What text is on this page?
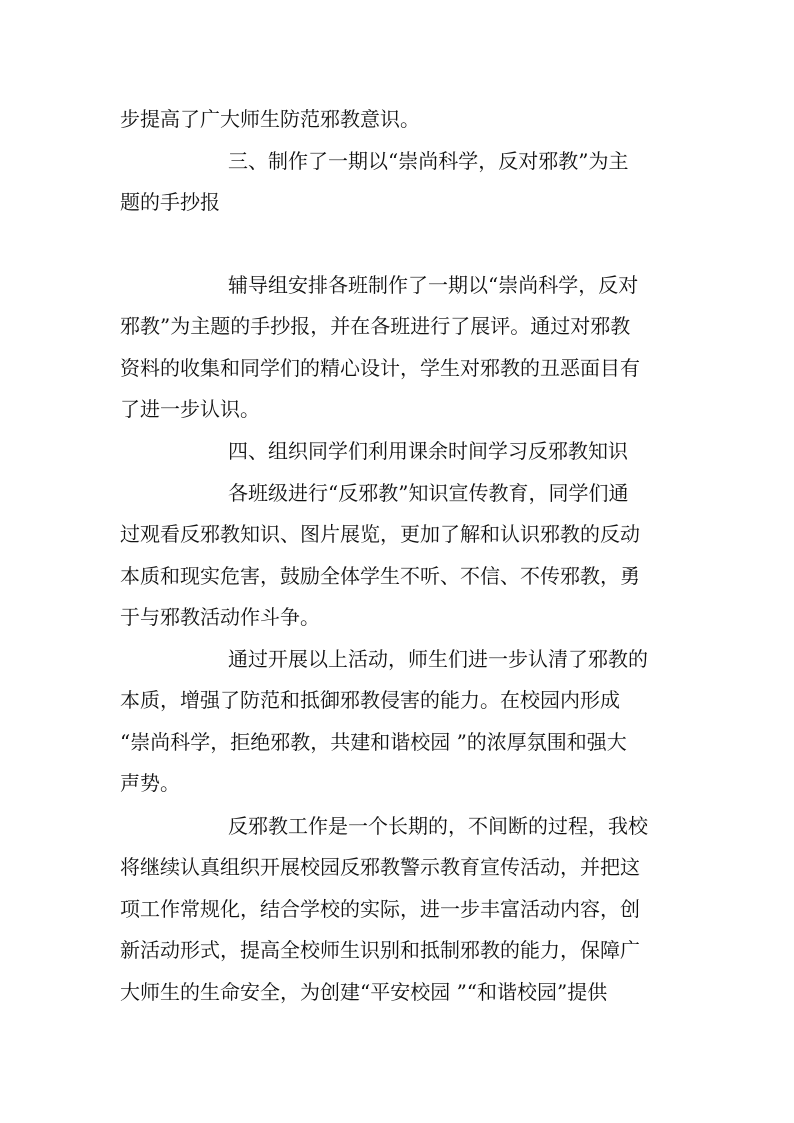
步提高了广大师生防范邪教意识。
三、制作了一期以“崇尚科学，反对邪教”为主
题的手抄报
辅导组安排各班制作了一期以“崇尚科学，反对
邪教”为主题的手抄报，并在各班进行了展评。通过对邪教
资料的收集和同学们的精心设计，学生对邪教的丑恶面目有
了进一步认识。
四、组织同学们利用课余时间学习反邪教知识
各班级进行“反邪教”知识宣传教育，同学们通
过观看反邪教知识、图片展览，更加了解和认识邪教的反动
本质和现实危害，鼓励全体学生不听、不信、不传邪教，勇
于与邪教活动作斗争。
通过开展以上活动，师生们进一步认清了邪教的
本质，增强了防范和抵御邪教侵害的能力。在校园内形成
“崇尚科学，拒绝邪教，共建和谐校园 ”的浓厚氛围和强大
声势。
反邪教工作是一个长期的，不间断的过程，我校
将继续认真组织开展校园反邪教警示教育宣传活动，并把这
项工作常规化，结合学校的实际，进一步丰富活动内容，创
新活动形式，提高全校师生识别和抵制邪教的能力，保障广
大师生的生命安全，为创建“平安校园 ”“和谐校园”提供
